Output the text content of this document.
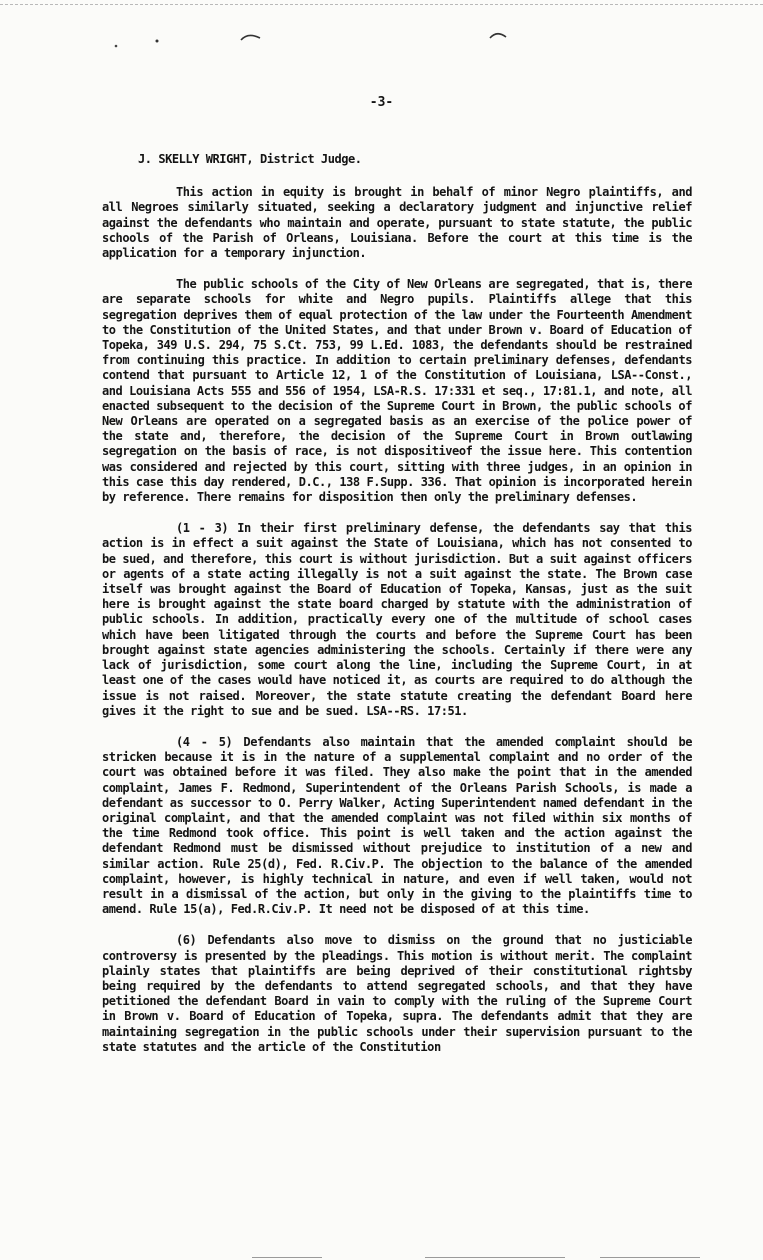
-3-
J. SKELLY WRIGHT, District Judge.

This action in equity is brought in behalf of minor Negro plaintiffs, and all Negroes similarly situated, seeking a declaratory judgment and injunctive relief against the defendants who maintain and operate, pursuant to state statute, the public schools of the Parish of Orleans, Louisiana. Before the court at this time is the application for a temporary injunction.

The public schools of the City of New Orleans are segregated, that is, there are separate schools for white and Negro pupils. Plaintiffs allege that this segregation deprives them of equal protection of the law under the Fourteenth Amendment to the Constitution of the United States, and that under Brown v. Board of Education of Topeka, 349 U.S. 294, 75 S.Ct. 753, 99 L.Ed. 1083, the defendants should be restrained from continuing this practice. In addition to certain preliminary defenses, defendants contend that pursuant to Article 12, 1 of the Constitution of Louisiana, LSA--Const., and Louisiana Acts 555 and 556 of 1954, LSA-R.S. 17:331 et seq., 17:81.1, and note, all enacted subsequent to the decision of the Supreme Court in Brown, the public schools of New Orleans are operated on a segregated basis as an exercise of the police power of the state and, therefore, the decision of the Supreme Court in Brown outlawing segregation on the basis of race, is not dispositiveof the issue here. This contention was considered and rejected by this court, sitting with three judges, in an opinion in this case this day rendered, D.C., 138 F.Supp. 336. That opinion is incorporated herein by reference. There remains for disposition then only the preliminary defenses.

(1 - 3) In their first preliminary defense, the defendants say that this action is in effect a suit against the State of Louisiana, which has not consented to be sued, and therefore, this court is without jurisdiction. But a suit against officers or agents of a state acting illegally is not a suit against the state. The Brown case itself was brought against the Board of Education of Topeka, Kansas, just as the suit here is brought against the state board charged by statute with the administration of public schools. In addition, practically every one of the multitude of school cases which have been litigated through the courts and before the Supreme Court has been brought against state agencies administering the schools. Certainly if there were any lack of jurisdiction, some court along the line, including the Supreme Court, in at least one of the cases would have noticed it, as courts are required to do although the issue is not raised. Moreover, the state statute creating the defendant Board here gives it the right to sue and be sued. LSA--RS. 17:51.

(4 - 5) Defendants also maintain that the amended complaint should be stricken because it is in the nature of a supplemental complaint and no order of the court was obtained before it was filed. They also make the point that in the amended complaint, James F. Redmond, Superintendent of the Orleans Parish Schools, is made a defendant as successor to O. Perry Walker, Acting Superintendent named defendant in the original complaint, and that the amended complaint was not filed within six months of the time Redmond took office. This point is well taken and the action against the defendant Redmond must be dismissed without prejudice to institution of a new and similar action. Rule 25(d), Fed. R.Civ.P. The objection to the balance of the amended complaint, however, is highly technical in nature, and even if well taken, would not result in a dismissal of the action, but only in the giving to the plaintiffs time to amend. Rule 15(a), Fed.R.Civ.P. It need not be disposed of at this time.

(6) Defendants also move to dismiss on the ground that no justiciable controversy is presented by the pleadings. This motion is without merit. The complaint plainly states that plaintiffs are being deprived of their constitutional rightsby being required by the defendants to attend segregated schools, and that they have petitioned the defendant Board in vain to comply with the ruling of the Supreme Court in Brown v. Board of Education of Topeka, supra. The defendants admit that they are maintaining segregation in the public schools under their supervision pursuant to the state statutes and the article of the Constitution
